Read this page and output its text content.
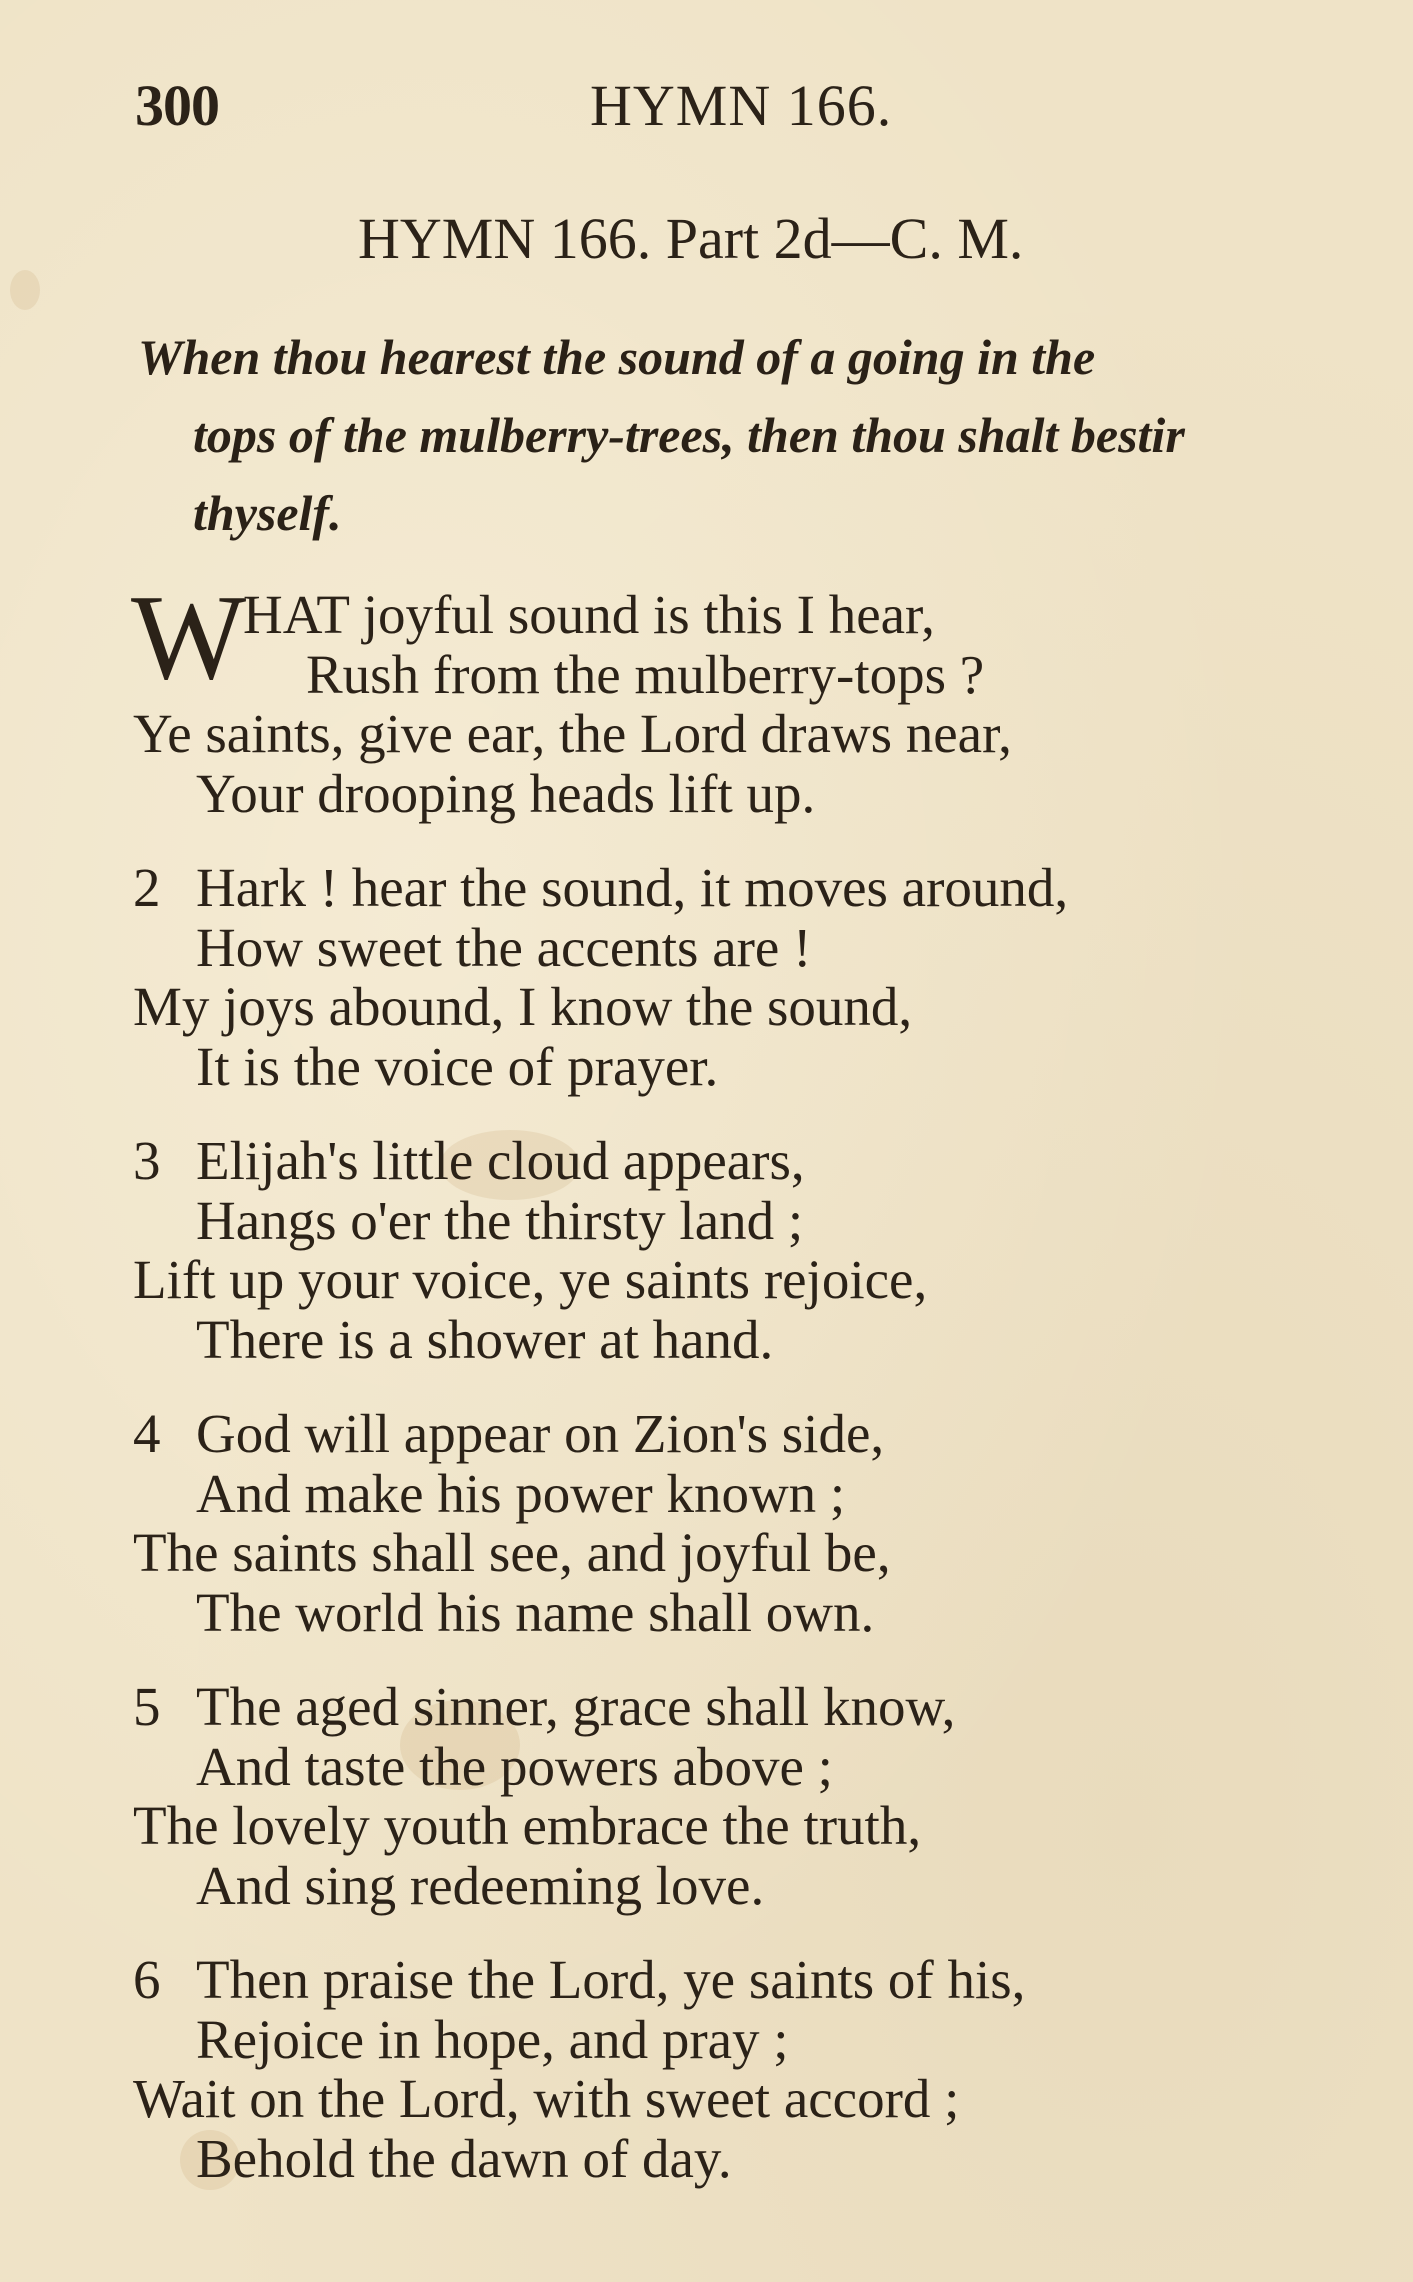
300	HYMN 166.
HYMN 166. Part 2d—C. M.
When thou hearest the sound of a going in the
tops of the mulberry-trees, then thou shalt bestir
thyself.
W
HAT joyful sound is this I hear,
Rush from the mulberry-tops ?
Ye saints, give ear, the Lord draws near,
Your drooping heads lift up.
2 Hark ! hear the sound, it moves around,
How sweet the accents are !
My joys abound, I know the sound,
It is the voice of prayer.
3 Elijah's little cloud appears,
Hangs o'er the thirsty land ;
Lift up your voice, ye saints rejoice,
There is a shower at hand.
4 God will appear on Zion's side,
And make his power known ;
The saints shall see, and joyful be,
The world his name shall own.
5 The aged sinner, grace shall know,
And taste the powers above ;
The lovely youth embrace the truth,
And sing redeeming love.
6 Then praise the Lord, ye saints of his,
Rejoice in hope, and pray ;
Wait on the Lord, with sweet accord ;
Behold the dawn of day.
